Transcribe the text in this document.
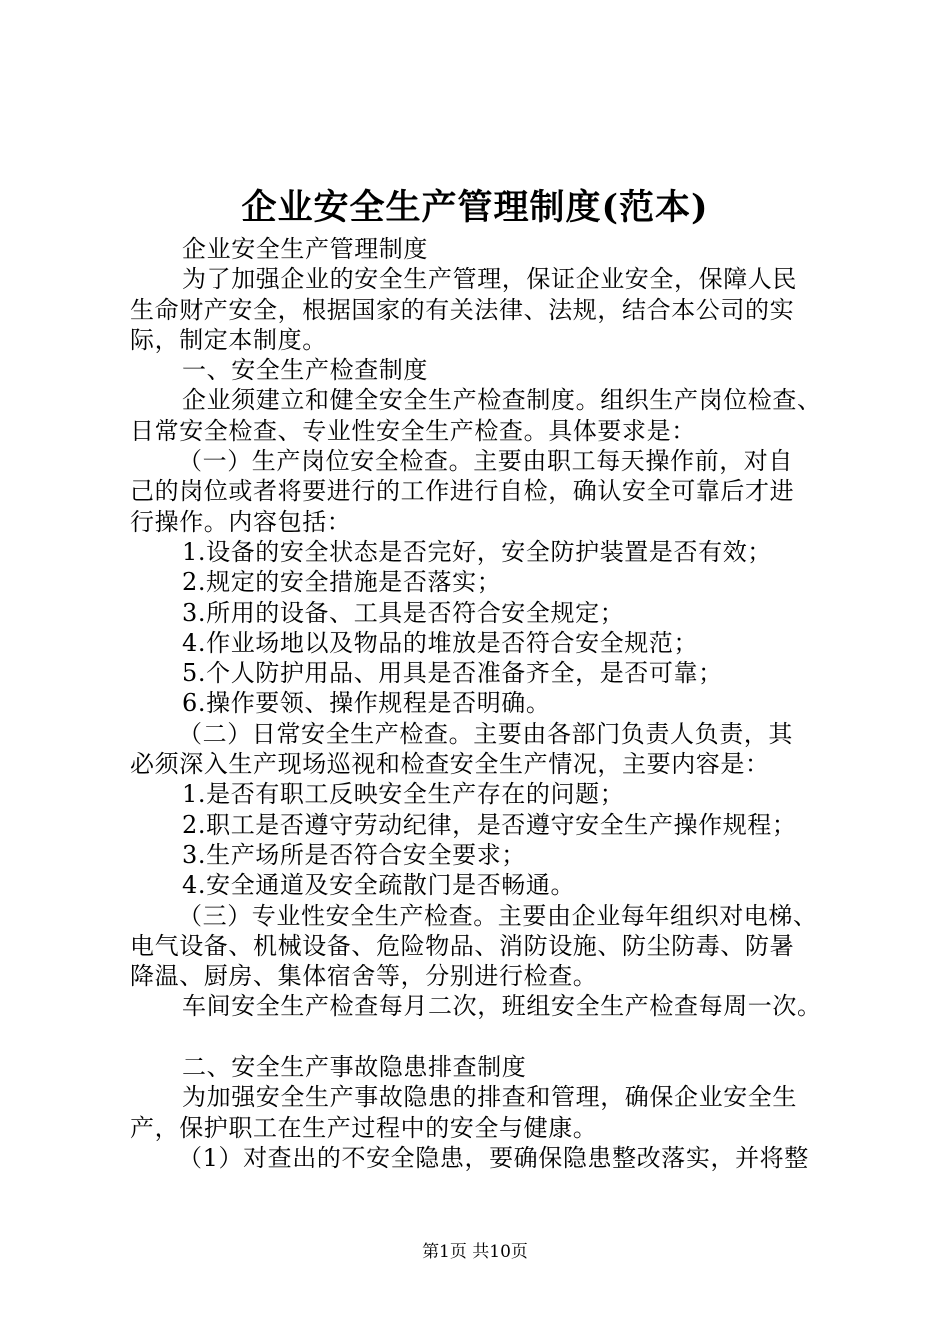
企业安全生产管理制度(范本)

企业安全生产管理制度

为了加强企业的安全生产管理，保证企业安全，保障人民

生命财产安全，根据国家的有关法律、法规，结合本公司的实

际，制定本制度。

一、安全生产检查制度

企业须建立和健全安全生产检查制度。组织生产岗位检查、

日常安全检查、专业性安全生产检查。具体要求是：

（一）生产岗位安全检查。主要由职工每天操作前，对自

己的岗位或者将要进行的工作进行自检，确认安全可靠后才进

行操作。内容包括：

1.设备的安全状态是否完好，安全防护装置是否有效；

2.规定的安全措施是否落实；

3.所用的设备、工具是否符合安全规定；

4.作业场地以及物品的堆放是否符合安全规范；

5.个人防护用品、用具是否准备齐全，是否可靠；

6.操作要领、操作规程是否明确。

（二）日常安全生产检查。主要由各部门负责人负责，其

必须深入生产现场巡视和检查安全生产情况，主要内容是：

1.是否有职工反映安全生产存在的问题；

2.职工是否遵守劳动纪律，是否遵守安全生产操作规程；

3.生产场所是否符合安全要求；

4.安全通道及安全疏散门是否畅通。

（三）专业性安全生产检查。主要由企业每年组织对电梯、

电气设备、机械设备、危险物品、消防设施、防尘防毒、防暑

降温、厨房、集体宿舍等，分别进行检查。

车间安全生产检查每月二次，班组安全生产检查每周一次。

二、安全生产事故隐患排查制度

为加强安全生产事故隐患的排查和管理，确保企业安全生

产，保护职工在生产过程中的安全与健康。

（1）对查出的不安全隐患，要确保隐患整改落实，并将整

第1页 共10页
